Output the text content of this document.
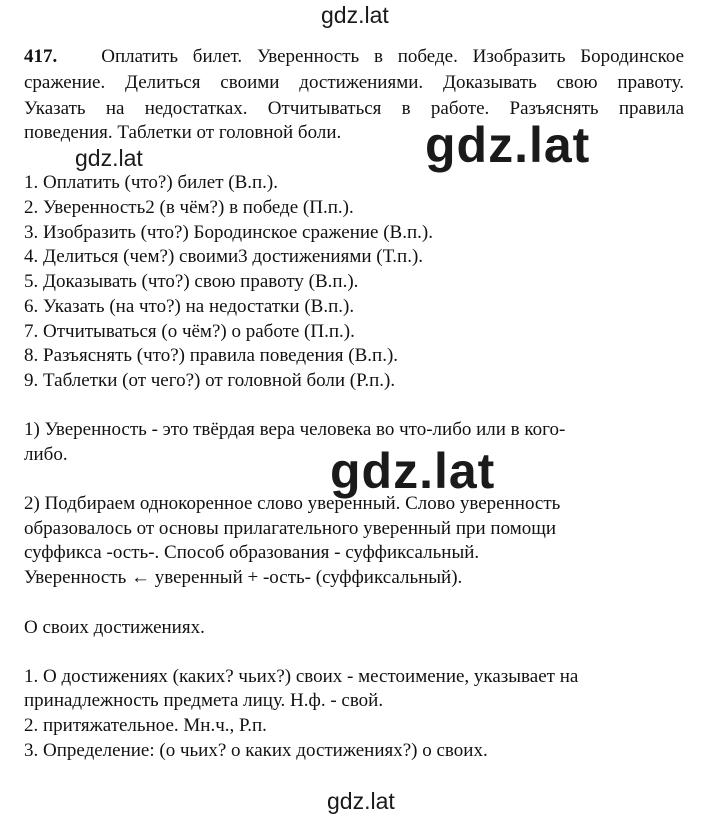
gdz.lat
417. Оплатить билет. Уверенность в победе. Изобразить Бородинское
сражение. Делиться своими достижениями. Доказывать свою правоту.
Указать на недостатках. Отчитываться в работе. Разъяснять правила
поведения. Таблетки от головной боли. gdz.lat
gdz.lat
1. Оплатить (что?) билет (В.п.).
2. Уверенность2 (в чём?) в победе (П.п.).
3. Изобразить (что?) Бородинское сражение (В.п.).
4. Делиться (чем?) своими3 достижениями (Т.п.).
5. Доказывать (что?) свою правоту (В.п.).
6. Указать (на что?) на недостатки (В.п.).
7. Отчитываться (о чём?) о работе (П.п.).
8. Разъяснять (что?) правила поведения (В.п.).
9. Таблетки (от чего?) от головной боли (Р.п.).
1) Уверенность - это твёрдая вера человека во что-либо или в кого-
либо.	gdz.lat
2) Подбираем однокоренное слово уверенный. Слово уверенность
образовалось от основы прилагательного уверенный при помощи
суффикса -ость-. Способ образования - суффиксальный.
Уверенность ← уверенный + -ость- (суффиксальный).
О своих достижениях.
1. О достижениях (каких? чьих?) своих - местоимение, указывает на
принадлежность предмета лицу. Н.ф. - свой.
2. притяжательное. Мн.ч., Р.п.
3. Определение: (о чьих? о каких достижениях?) о своих.
gdz.lat
